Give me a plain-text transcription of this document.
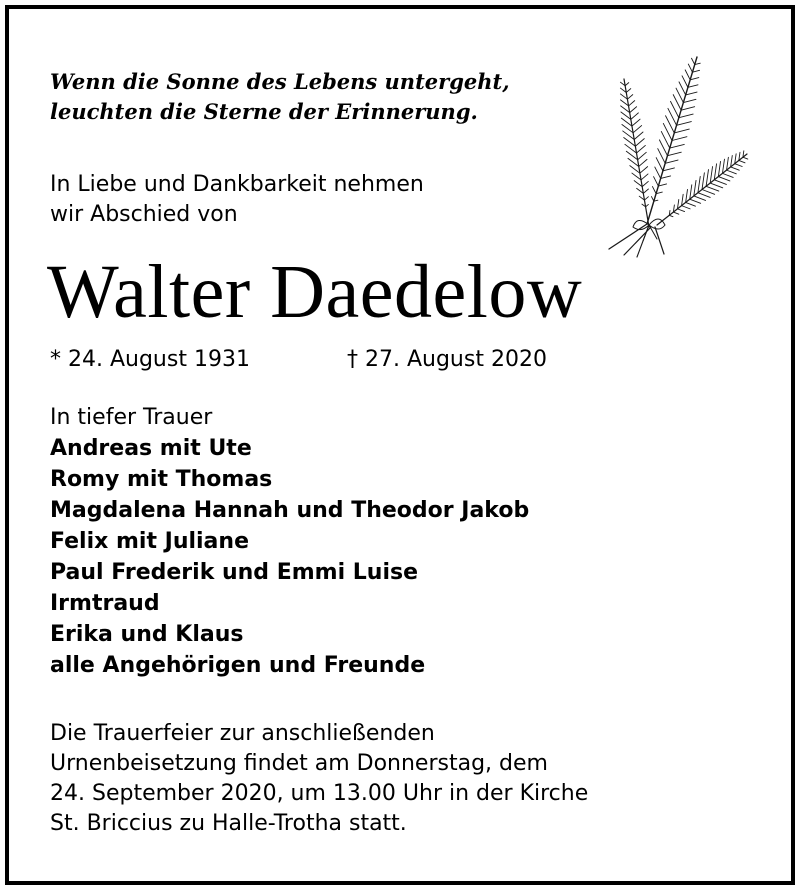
Wenn die Sonne des Lebens untergeht,
leuchten die Sterne der Erinnerung.
In Liebe und Dankbarkeit nehmen
wir Abschied von
Walter Daedelow
* 24. August 1931	† 27. August 2020
In tiefer Trauer
Andreas mit Ute
Romy mit Thomas
Magdalena Hannah und Theodor Jakob
Felix mit Juliane
Paul Frederik und Emmi Luise
Irmtraud
Erika und Klaus
alle Angehörigen und Freunde
Die Trauerfeier zur anschließenden
Urnenbeisetzung findet am Donnerstag, dem
24. September 2020, um 13.00 Uhr in der Kirche
St. Briccius zu Halle-Trotha statt.
